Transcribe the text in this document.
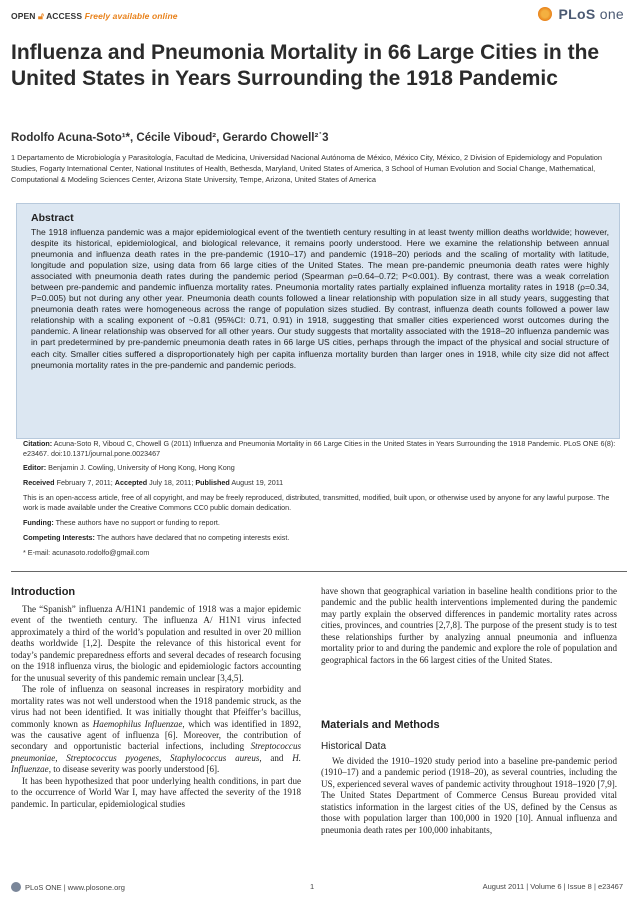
OPEN 🔓︎ ACCESS Freely available online	PLoS one
Influenza and Pneumonia Mortality in 66 Large Cities in the United States in Years Surrounding the 1918 Pandemic
Rodolfo Acuna-Soto¹*, Cécile Viboud², Gerardo Chowell²˙3
1 Departamento de Microbiología y Parasitología, Facultad de Medicina, Universidad Nacional Autónoma de México, México City, México, 2 Division of Epidemiology and Population Studies, Fogarty International Center, National Institutes of Health, Bethesda, Maryland, United States of America, 3 School of Human Evolution and Social Change, Mathematical, Computational & Modeling Sciences Center, Arizona State University, Tempe, Arizona, United States of America
Abstract
The 1918 influenza pandemic was a major epidemiological event of the twentieth century resulting in at least twenty million deaths worldwide; however, despite its historical, epidemiological, and biological relevance, it remains poorly understood. Here we examine the relationship between annual pneumonia and influenza death rates in the pre-pandemic (1910–17) and pandemic (1918–20) periods and the scaling of mortality with latitude, longitude and population size, using data from 66 large cities of the United States. The mean pre-pandemic pneumonia death rates were highly associated with pneumonia death rates during the pandemic period (Spearman ρ=0.64–0.72; P<0.001). By contrast, there was a weak correlation between pre-pandemic and pandemic influenza mortality rates. Pneumonia mortality rates partially explained influenza mortality rates in 1918 (ρ=0.34, P=0.005) but not during any other year. Pneumonia death counts followed a linear relationship with population size in all study years, suggesting that pneumonia death rates were homogeneous across the range of population sizes studied. By contrast, influenza death counts followed a power law relationship with a scaling exponent of ~0.81 (95%CI: 0.71, 0.91) in 1918, suggesting that smaller cities experienced worst outcomes during the pandemic. A linear relationship was observed for all other years. Our study suggests that mortality associated with the 1918–20 influenza pandemic was in part predetermined by pre-pandemic pneumonia death rates in 66 large US cities, perhaps through the impact of the physical and social structure of each city. Smaller cities suffered a disproportionately high per capita influenza mortality burden than larger ones in 1918, while city size did not affect pneumonia mortality rates in the pre-pandemic and pandemic periods.
Citation: Acuna-Soto R, Viboud C, Chowell G (2011) Influenza and Pneumonia Mortality in 66 Large Cities in the United States in Years Surrounding the 1918 Pandemic. PLoS ONE 6(8): e23467. doi:10.1371/journal.pone.0023467
Editor: Benjamin J. Cowling, University of Hong Kong, Hong Kong
Received February 7, 2011; Accepted July 18, 2011; Published August 19, 2011
This is an open-access article, free of all copyright, and may be freely reproduced, distributed, transmitted, modified, built upon, or otherwise used by anyone for any lawful purpose. The work is made available under the Creative Commons CC0 public domain dedication.
Funding: These authors have no support or funding to report.
Competing Interests: The authors have declared that no competing interests exist.
* E-mail: acunasoto.rodolfo@gmail.com
Introduction

The “Spanish” influenza A/H1N1 pandemic of 1918 was a major epidemic event of the twentieth century. The influenza A/ H1N1 virus infected approximately a third of the world’s population and resulted in over 20 million deaths worldwide [1,2]. Despite the relevance of this historical event for today’s pandemic preparedness efforts and several decades of research focusing on the 1918 influenza virus, the biologic and epidemiologic factors accounting for the unusual severity of this pandemic remain unclear [3,4,5].

The role of influenza on seasonal increases in respiratory morbidity and mortality rates was not well understood when the 1918 pandemic struck, as the virus had not been identified. It was initially thought that Pfeiffer’s bacillus, commonly known as Haemophilus Influenzae, which was identified in 1892, was the causative agent of influenza [6]. Moreover, the contribution of secondary and opportunistic bacterial infections, including Streptococcus pneumoniae, Streptococcus pyogenes, Staphylococcus aureus, and H. Influenzae, to disease severity was poorly understood [6].

It has been hypothesized that poor underlying health conditions, in part due to the occurrence of World War I, may have affected the severity of the 1918 pandemic. In particular, epidemiological studies

have shown that geographical variation in baseline health conditions prior to the pandemic and the public health interventions implemented during the pandemic may partly explain the observed differences in pandemic mortality rates across cities, provinces, and countries [2,7,8]. The purpose of the present study is to test these relationships further by analyzing annual pneumonia and influenza mortality prior to and during the pandemic and explore the role of population and geographical factors in the 66 largest cities of the United States.

Materials and Methods
Historical Data

We divided the 1910–1920 study period into a baseline pre-pandemic period (1910–17) and a pandemic period (1918–20), as several countries, including the US, experienced several waves of pandemic activity throughout 1918–1920 [7,9]. The United States Department of Commerce Census Bureau provided vital statistics information in the largest cities of the US, defined by the Census as those with population larger than 100,000 in 1920 [10]. Annual influenza and pneumonia death rates per 100,000 inhabitants,

PLoS ONE | www.plosone.org	1	August 2011 | Volume 6 | Issue 8 | e23467
